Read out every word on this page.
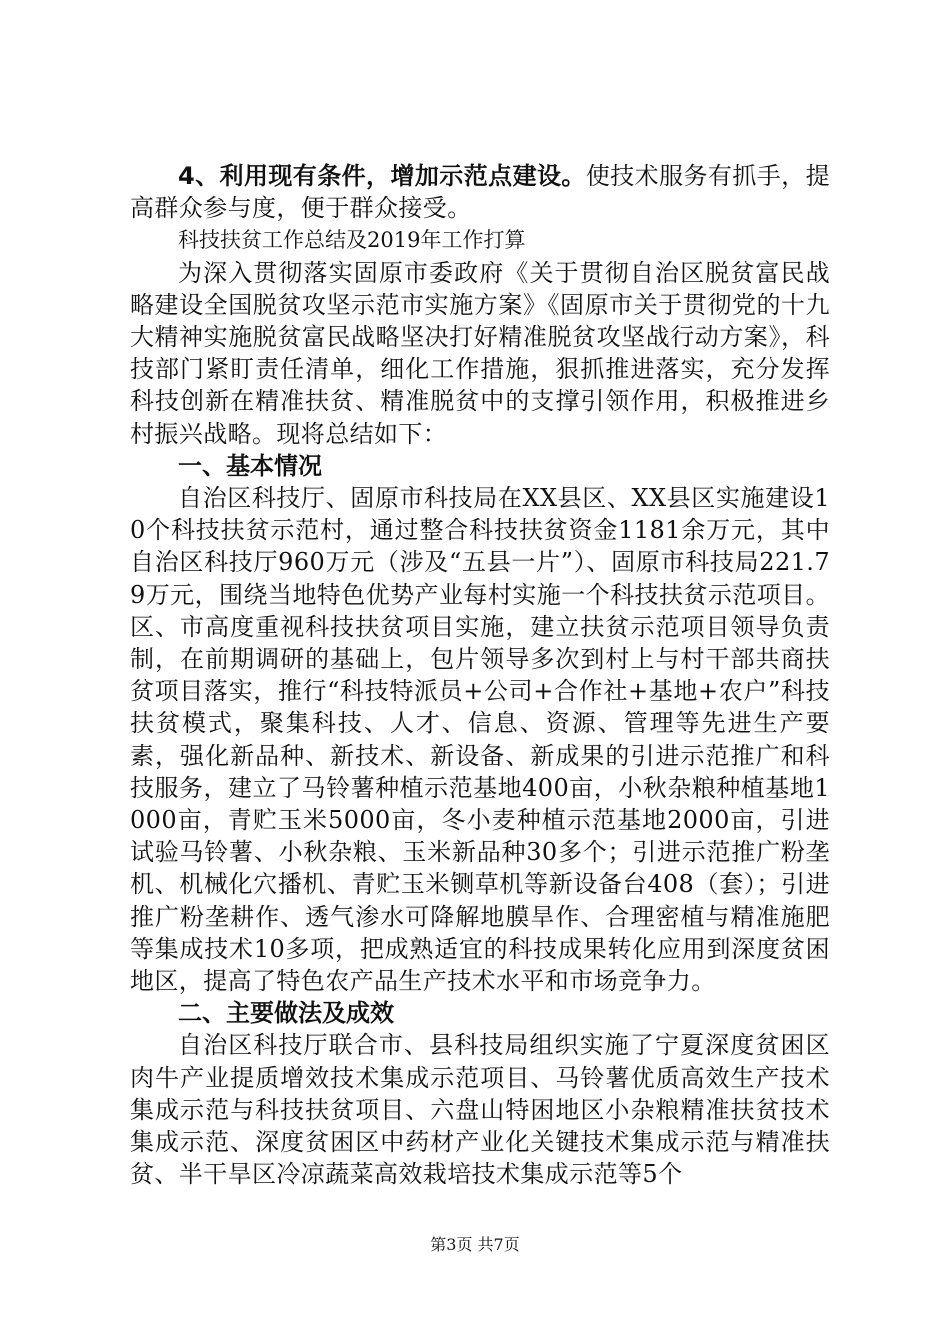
4、利用现有条件，增加示范点建设。使技术服务有抓手，提高群众参与度，便于群众接受。

科技扶贫工作总结及2019年工作打算

为深入贯彻落实固原市委政府《关于贯彻自治区脱贫富民战略建设全国脱贫攻坚示范市实施方案》《固原市关于贯彻党的十九大精神实施脱贫富民战略坚决打好精准脱贫攻坚战行动方案》，科技部门紧盯责任清单，细化工作措施，狠抓推进落实，充分发挥科技创新在精准扶贫、精准脱贫中的支撑引领作用，积极推进乡村振兴战略。现将总结如下：

一、基本情况

自治区科技厅、固原市科技局在XX县区、XX县区实施建设10个科技扶贫示范村，通过整合科技扶贫资金1181余万元，其中自治区科技厅960万元（涉及“五县一片”）、固原市科技局221.79万元，围绕当地特色优势产业每村实施一个科技扶贫示范项目。区、市高度重视科技扶贫项目实施，建立扶贫示范项目领导负责制，在前期调研的基础上，包片领导多次到村上与村干部共商扶贫项目落实，推行“科技特派员+公司+合作社+基地+农户”科技扶贫模式，聚集科技、人才、信息、资源、管理等先进生产要素，强化新品种、新技术、新设备、新成果的引进示范推广和科技服务，建立了马铃薯种植示范基地400亩，小秋杂粮种植基地1000亩，青贮玉米5000亩，冬小麦种植示范基地2000亩，引进试验马铃薯、小秋杂粮、玉米新品种30多个；引进示范推广粉垄机、机械化穴播机、青贮玉米铡草机等新设备台408（套）；引进推广粉垄耕作、透气渗水可降解地膜旱作、合理密植与精准施肥等集成技术10多项，把成熟适宜的科技成果转化应用到深度贫困地区，提高了特色农产品生产技术水平和市场竞争力。

二、主要做法及成效

自治区科技厅联合市、县科技局组织实施了宁夏深度贫困区肉牛产业提质增效技术集成示范项目、马铃薯优质高效生产技术集成示范与科技扶贫项目、六盘山特困地区小杂粮精准扶贫技术集成示范、深度贫困区中药材产业化关键技术集成示范与精准扶贫、半干旱区冷凉蔬菜高效栽培技术集成示范等5个

第3页 共7页
